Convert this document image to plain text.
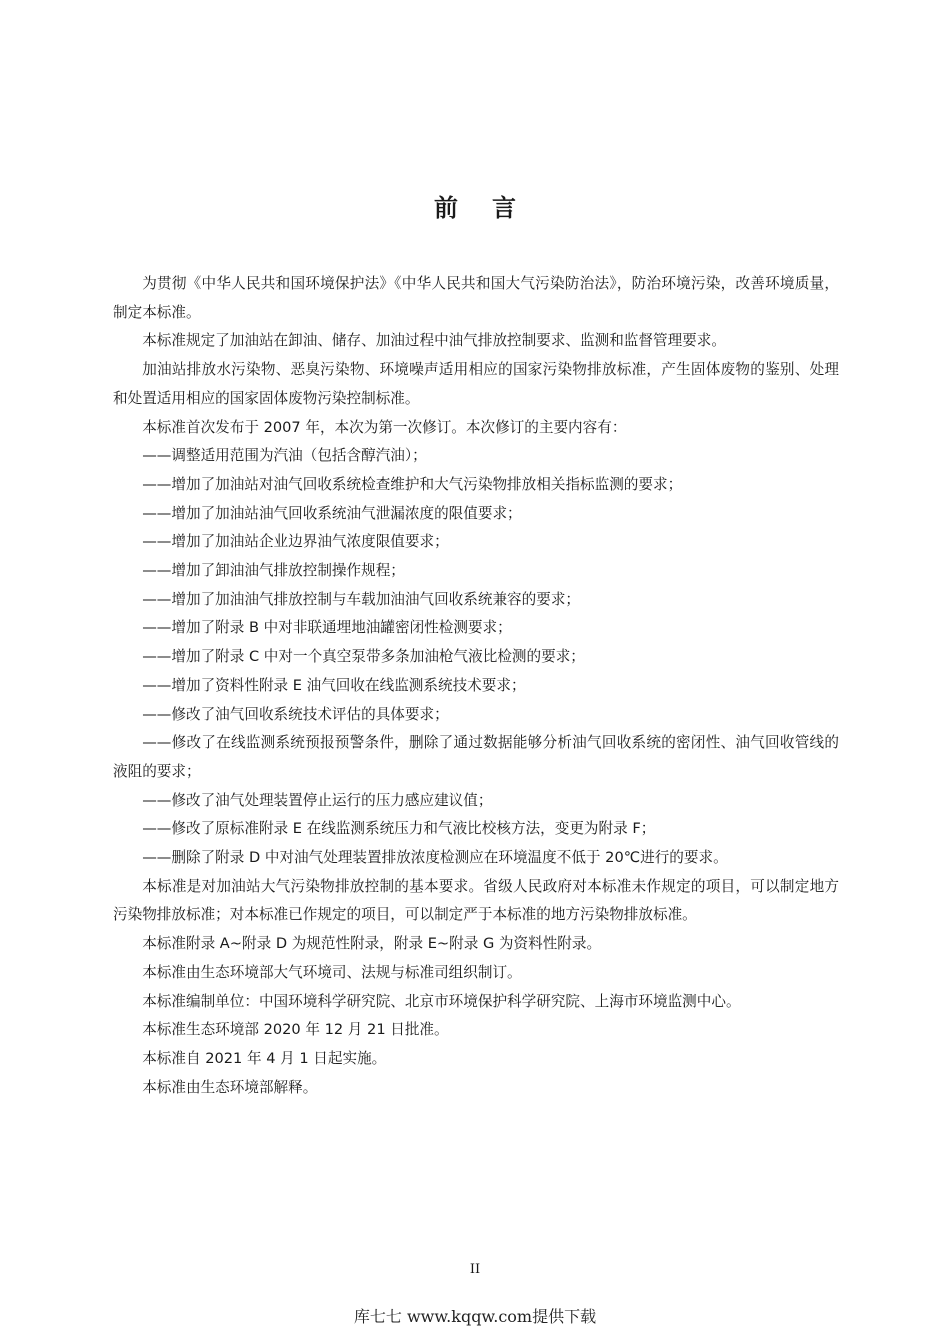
前言

为贯彻《中华人民共和国环境保护法》《中华人民共和国大气污染防治法》，防治环境污染，改善环境质量，制定本标准。

本标准规定了加油站在卸油、储存、加油过程中油气排放控制要求、监测和监督管理要求。

加油站排放水污染物、恶臭污染物、环境噪声适用相应的国家污染物排放标准，产生固体废物的鉴别、处理和处置适用相应的国家固体废物污染控制标准。

本标准首次发布于 2007 年，本次为第一次修订。本次修订的主要内容有：

——调整适用范围为汽油（包括含醇汽油）；

——增加了加油站对油气回收系统检查维护和大气污染物排放相关指标监测的要求；

——增加了加油站油气回收系统油气泄漏浓度的限值要求；

——增加了加油站企业边界油气浓度限值要求；

——增加了卸油油气排放控制操作规程；

——增加了加油油气排放控制与车载加油油气回收系统兼容的要求；

——增加了附录 B 中对非联通埋地油罐密闭性检测要求；

——增加了附录 C 中对一个真空泵带多条加油枪气液比检测的要求；

——增加了资料性附录 E 油气回收在线监测系统技术要求；

——修改了油气回收系统技术评估的具体要求；

——修改了在线监测系统预报预警条件，删除了通过数据能够分析油气回收系统的密闭性、油气回收管线的液阻的要求；

——修改了油气处理装置停止运行的压力感应建议值；

——修改了原标准附录 E 在线监测系统压力和气液比校核方法，变更为附录 F；

——删除了附录 D 中对油气处理装置排放浓度检测应在环境温度不低于 20℃进行的要求。

本标准是对加油站大气污染物排放控制的基本要求。省级人民政府对本标准未作规定的项目，可以制定地方污染物排放标准；对本标准已作规定的项目，可以制定严于本标准的地方污染物排放标准。

本标准附录 A~附录 D 为规范性附录，附录 E~附录 G 为资料性附录。

本标准由生态环境部大气环境司、法规与标准司组织制订。

本标准编制单位：中国环境科学研究院、北京市环境保护科学研究院、上海市环境监测中心。

本标准生态环境部 2020 年 12 月 21 日批准。

本标准自 2021 年 4 月 1 日起实施。

本标准由生态环境部解释。

II
库七七 www.kqqw.com提供下载
